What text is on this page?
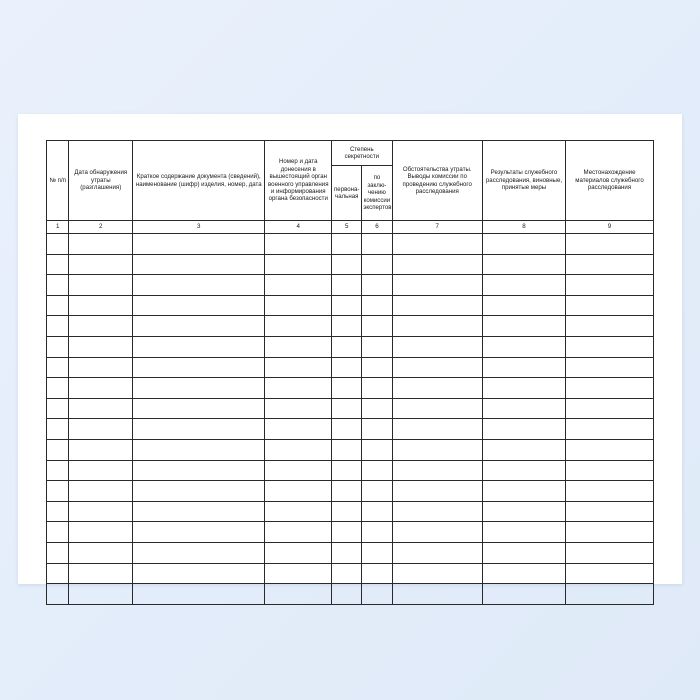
№ п/п	Дата обнаружения утраты (разглашения)	Краткое содержание документа (сведений), наименование (шифр) изделия, номер, дата	Номер и дата донесения в вышестоящий орган военного управления и информирования органа безопасности	Степень секретности		Обстоятельства утраты. Выводы комиссии по проведению служебного расследования	Результаты служебного расследования, виновные, принятые меры	Местонахождение материалов служебного расследования
				первона-чальная	по заклю-чению комиссии экспертов			
1	2	3	4	5	6	7	8	9
